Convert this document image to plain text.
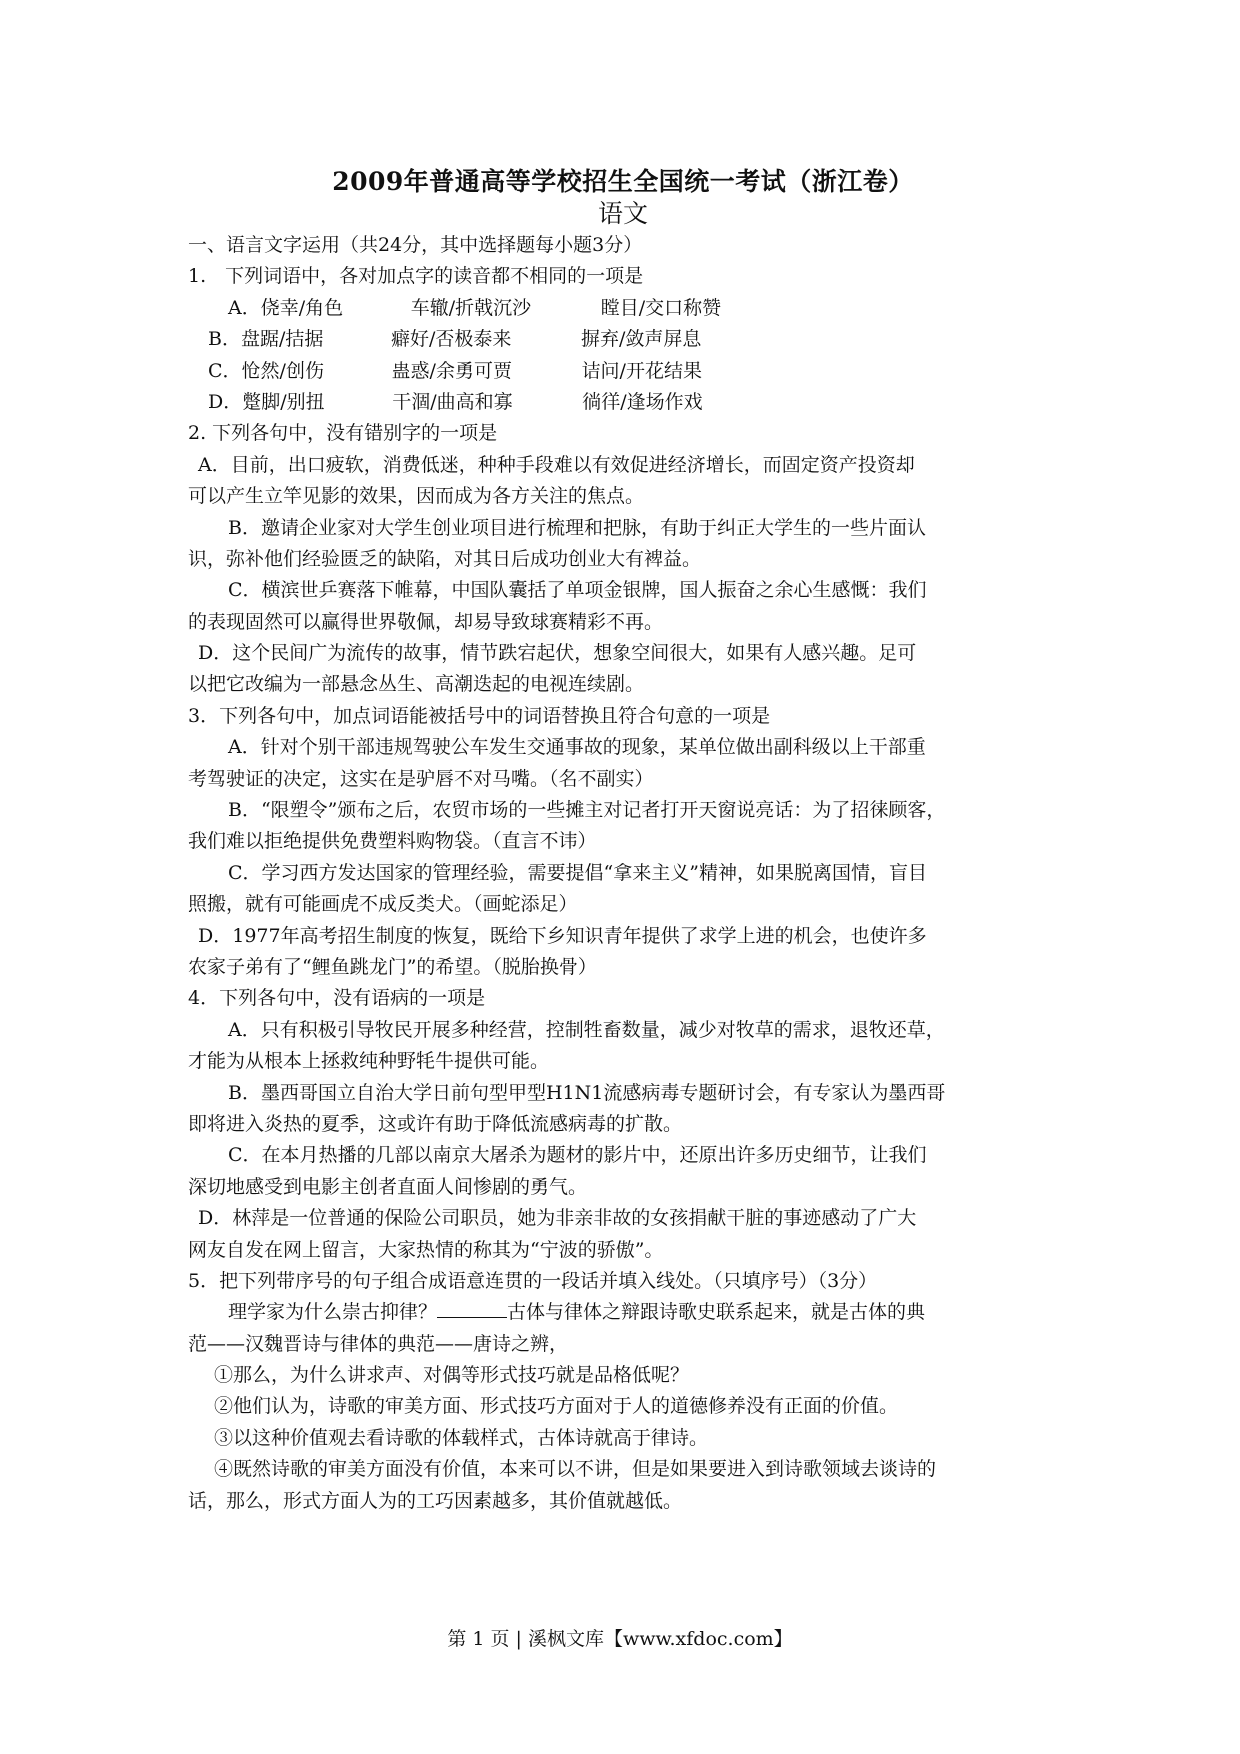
2009年普通高等学校招生全国统一考试（浙江卷）
语文
一、语言文字运用（共24分，其中选择题每小题3分）
1.　下列词语中，各对加点字的读音都不相同的一项是
A．侥幸/角色	车辙/折戟沉沙	瞠目/交口称赞
B．盘踞/拮据	癖好/否极泰来	摒弃/敛声屏息
C．怆然/创伤	蛊惑/余勇可贾	诘问/开花结果
D．蹩脚/别扭	干涸/曲高和寡	徜徉/逢场作戏
2. 下列各句中，没有错别字的一项是
A．目前，出口疲软，消费低迷，种种手段难以有效促进经济增长，而固定资产投资却
可以产生立竿见影的效果，因而成为各方关注的焦点。
B．邀请企业家对大学生创业项目进行梳理和把脉，有助于纠正大学生的一些片面认
识，弥补他们经验匮乏的缺陷，对其日后成功创业大有裨益。
C．横滨世乒赛落下帷幕，中国队囊括了单项金银牌，国人振奋之余心生感慨：我们
的表现固然可以赢得世界敬佩，却易导致球赛精彩不再。
D．这个民间广为流传的故事，情节跌宕起伏，想象空间很大，如果有人感兴趣。足可
以把它改编为一部悬念丛生、高潮迭起的电视连续剧。
3．下列各句中，加点词语能被括号中的词语替换且符合句意的一项是
A．针对个别干部违规驾驶公车发生交通事故的现象，某单位做出副科级以上干部重
考驾驶证的决定，这实在是驴唇不对马嘴。（名不副实）
B．“限塑令”颁布之后，农贸市场的一些摊主对记者打开天窗说亮话：为了招徕顾客，
我们难以拒绝提供免费塑料购物袋。（直言不讳）
C．学习西方发达国家的管理经验，需要提倡“拿来主义”精神，如果脱离国情，盲目
照搬，就有可能画虎不成反类犬。（画蛇添足）
D．1977年高考招生制度的恢复，既给下乡知识青年提供了求学上进的机会，也使许多
农家子弟有了“鲤鱼跳龙门”的希望。（脱胎换骨）
4．下列各句中，没有语病的一项是
A．只有积极引导牧民开展多种经营，控制牲畜数量，减少对牧草的需求，退牧还草，
才能为从根本上拯救纯种野牦牛提供可能。
B．墨西哥国立自治大学日前句型甲型H1N1流感病毒专题研讨会，有专家认为墨西哥
即将进入炎热的夏季，这或许有助于降低流感病毒的扩散。
C．在本月热播的几部以南京大屠杀为题材的影片中，还原出许多历史细节，让我们
深切地感受到电影主创者直面人间惨剧的勇气。
D．林萍是一位普通的保险公司职员，她为非亲非故的女孩捐献干脏的事迹感动了广大
网友自发在网上留言，大家热情的称其为“宁波的骄傲”。
5．把下列带序号的句子组合成语意连贯的一段话并填入线处。（只填序号）（3分）
理学家为什么崇古抑律？	古体与律体之辩跟诗歌史联系起来，就是古体的典
范——汉魏晋诗与律体的典范——唐诗之辨，
①那么，为什么讲求声、对偶等形式技巧就是品格低呢？
②他们认为，诗歌的审美方面、形式技巧方面对于人的道德修养没有正面的价值。
③以这种价值观去看诗歌的体载样式，古体诗就高于律诗。
④既然诗歌的审美方面没有价值，本来可以不讲，但是如果要进入到诗歌领域去谈诗的
话，那么，形式方面人为的工巧因素越多，其价值就越低。
第 1 页 | 溪枫文库【www.xfdoc.com】
